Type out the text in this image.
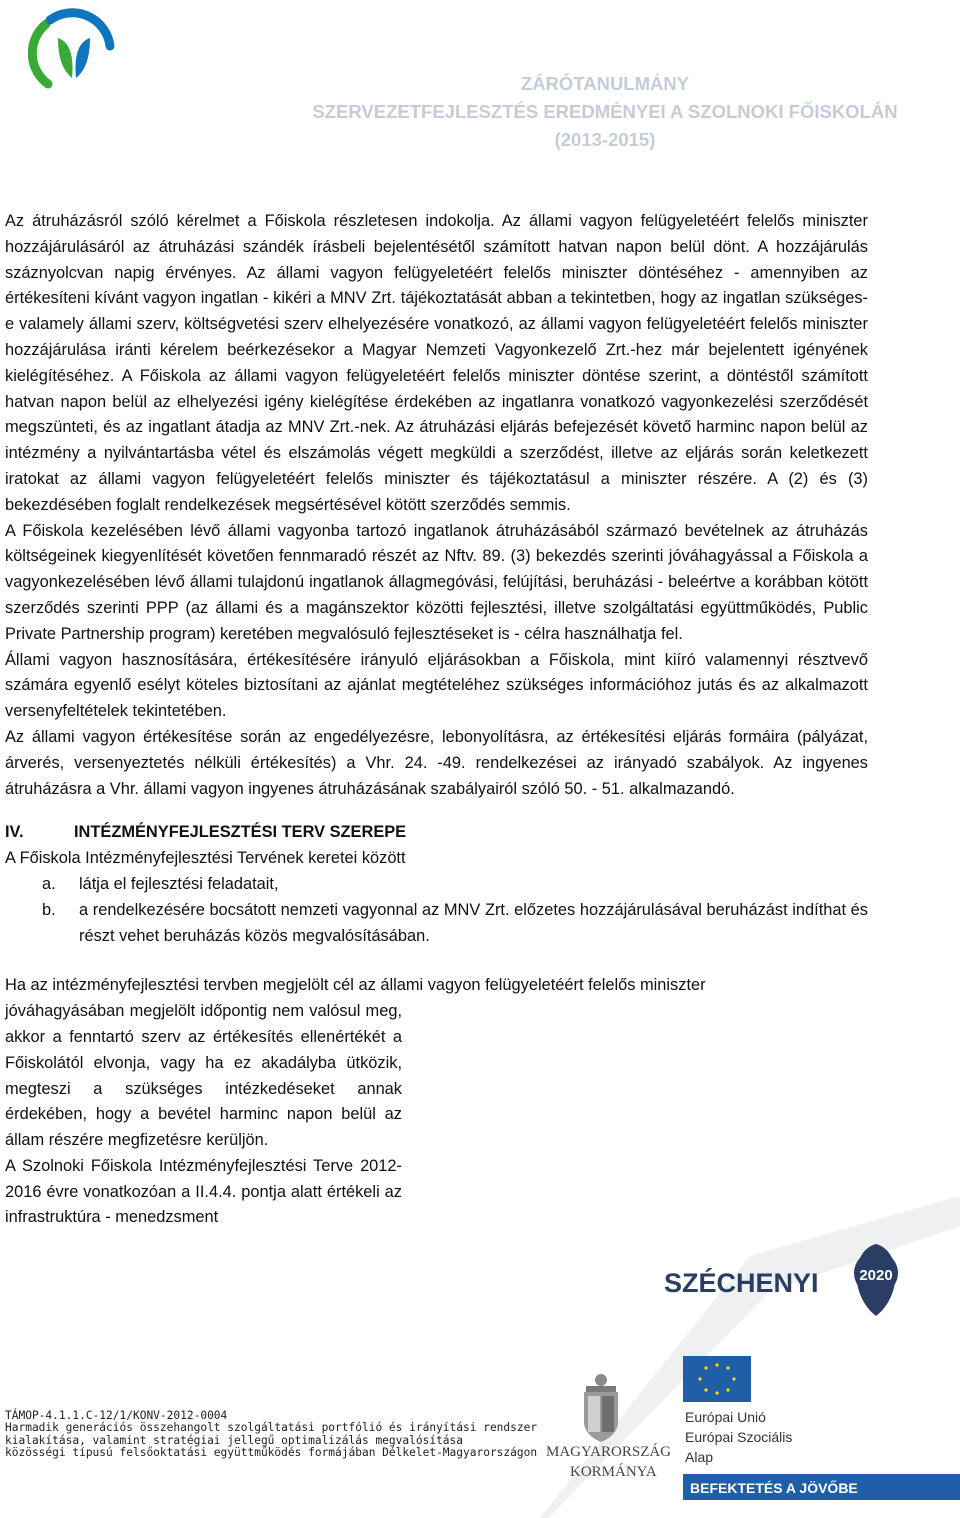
ZÁRÓTANULMÁNY
SZERVEZETFEJLESZTÉS EREDMÉNYEI A SZOLNOKI FŐISKOLÁN
(2013-2015)

Az átruházásról szóló kérelmet a Főiskola részletesen indokolja. Az állami vagyon felügyeletéért felelős miniszter hozzájárulásáról az átruházási szándék írásbeli bejelentésétől számított hatvan napon belül dönt. A hozzájárulás száznyolcvan napig érvényes. Az állami vagyon felügyeletéért felelős miniszter döntéséhez - amennyiben az értékesíteni kívánt vagyon ingatlan - kikéri a MNV Zrt. tájékoztatását abban a tekintetben, hogy az ingatlan szükséges-e valamely állami szerv, költségvetési szerv elhelyezésére vonatkozó, az állami vagyon felügyeletéért felelős miniszter hozzájárulása iránti kérelem beérkezésekor a Magyar Nemzeti Vagyonkezelő Zrt.-hez már bejelentett igényének kielégítéséhez. A Főiskola az állami vagyon felügyeletéért felelős miniszter döntése szerint, a döntéstől számított hatvan napon belül az elhelyezési igény kielégítése érdekében az ingatlanra vonatkozó vagyonkezelési szerződését megszünteti, és az ingatlant átadja az MNV Zrt.-nek. Az átruházási eljárás befejezését követő harminc napon belül az intézmény a nyilvántartásba vétel és elszámolás végett megküldi a szerződést, illetve az eljárás során keletkezett iratokat az állami vagyon felügyeletéért felelős miniszter és tájékoztatásul a miniszter részére. A (2) és (3) bekezdésében foglalt rendelkezések megsértésével kötött szerződés semmis.

A Főiskola kezelésében lévő állami vagyonba tartozó ingatlanok átruházásából származó bevételnek az átruházás költségeinek kiegyenlítését követően fennmaradó részét az Nftv. 89. (3) bekezdés szerinti jóváhagyással a Főiskola a vagyonkezelésében lévő állami tulajdonú ingatlanok állagmegóvási, felújítási, beruházási - beleértve a korábban kötött szerződés szerinti PPP (az állami és a magánszektor közötti fejlesztési, illetve szolgáltatási együttműködés, Public Private Partnership program) keretében megvalósuló fejlesztéseket is - célra használhatja fel.

Állami vagyon hasznosítására, értékesítésére irányuló eljárásokban a Főiskola, mint kiíró valamennyi résztvevő számára egyenlő esélyt köteles biztosítani az ajánlat megtételéhez szükséges információhoz jutás és az alkalmazott versenyfeltételek tekintetében.

Az állami vagyon értékesítése során az engedélyezésre, lebonyolításra, az értékesítési eljárás formáira (pályázat, árverés, versenyeztetés nélküli értékesítés) a Vhr. 24. -49. rendelkezései az irányadó szabályok. Az ingyenes átruházásra a Vhr. állami vagyon ingyenes átruházásának szabályairól szóló 50. - 51. alkalmazandó.

IV.	INTÉZMÉNYFEJLESZTÉSI TERV SZEREPE

A Főiskola Intézményfejlesztési Tervének keretei között

a. látja el fejlesztési feladatait,
b. a rendelkezésére bocsátott nemzeti vagyonnal az MNV Zrt. előzetes hozzájárulásával beruházást indíthat és részt vehet beruházás közös megvalósításában.

Ha az intézményfejlesztési tervben megjelölt cél az állami vagyon felügyeletéért felelős miniszter

jóváhagyásában megjelölt időpontig nem valósul meg, akkor a fenntartó szerv az értékesítés ellenértékét a Főiskolától elvonja, vagy ha ez akadályba ütközik, megteszi a szükséges intézkedéseket annak érdekében, hogy a bevétel harminc napon belül az állam részére megfizetésre kerüljön.

A Szolnoki Főiskola Intézményfejlesztési Terve 2012-2016 évre vonatkozóan a II.4.4. pontja alatt értékeli az infrastruktúra - menedzsment

TÁMOP-4.1.1.C-12/1/KONV-2012-0004
Harmadik generációs összehangolt szolgáltatási portfólió és irányítási rendszer
kialakítása, valamint stratégiai jellegű optimalizálás megvalósítása
közösségi típusú felsőoktatási együttműködés formájában Délkelet-Magyarországon
SZÉCHENYI	2020
MAGYARORSZÁG
KORMÁNYA
Európai Unió
Európai Szociális
Alap
BEFEKTETÉS A JÖVŐBE
